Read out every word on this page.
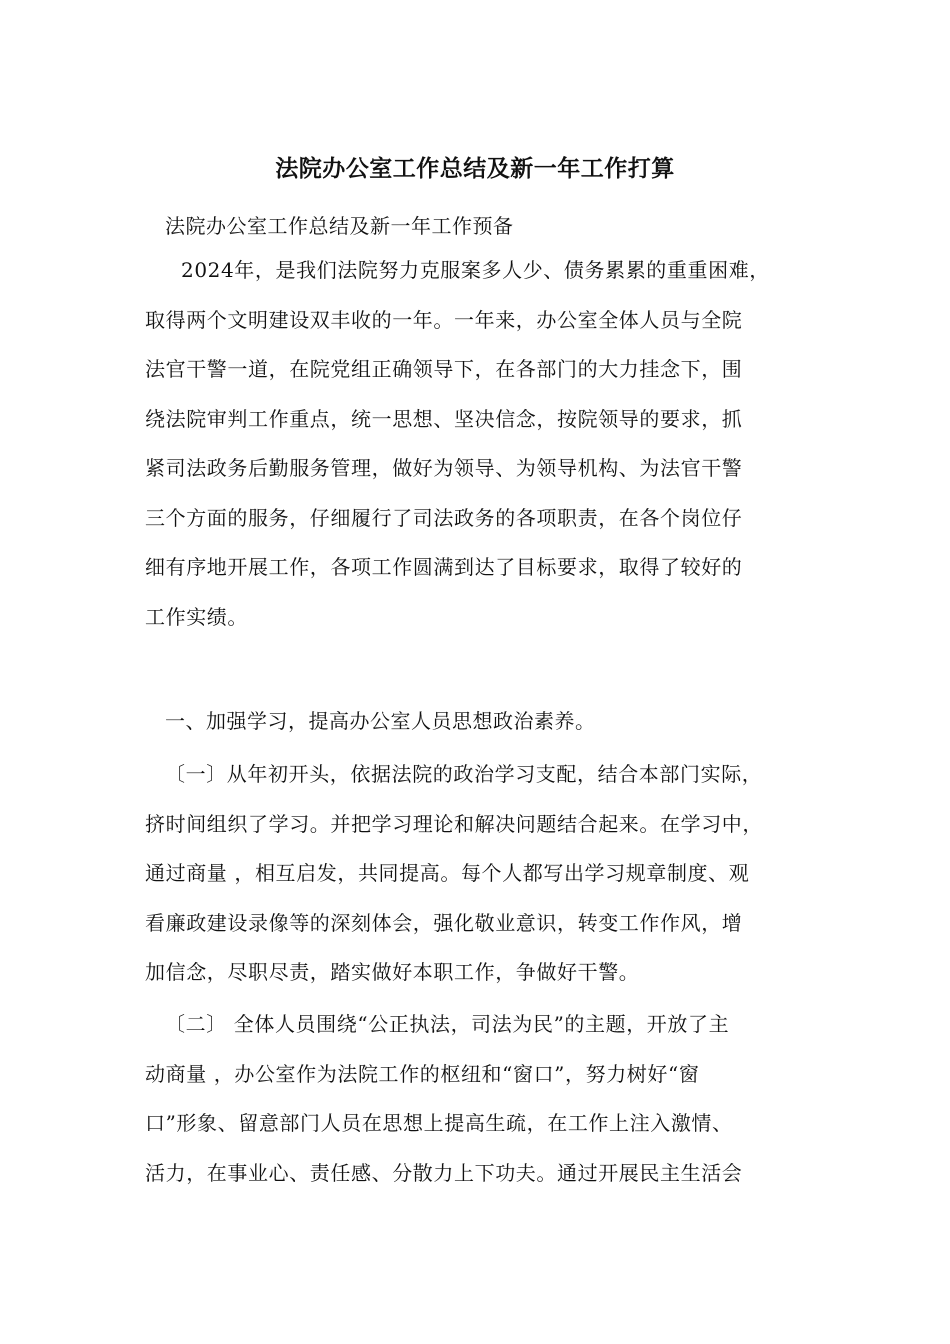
法院办公室工作总结及新一年工作打算
法院办公室工作总结及新一年工作预备
2024年，是我们法院努力克服案多人少、债务累累的重重困难，
取得两个文明建设双丰收的一年。一年来，办公室全体人员与全院
法官干警一道，在院党组正确领导下，在各部门的大力挂念下，围
绕法院审判工作重点，统一思想、坚决信念，按院领导的要求，抓
紧司法政务后勤服务管理，做好为领导、为领导机构、为法官干警
三个方面的服务，仔细履行了司法政务的各项职责，在各个岗位仔
细有序地开展工作，各项工作圆满到达了目标要求，取得了较好的
工作实绩。
一、加强学习，提高办公室人员思想政治素养。
〔一〕从年初开头，依据法院的政治学习支配，结合本部门实际，
挤时间组织了学习。并把学习理论和解决问题结合起来。在学习中，
通过商量 ，相互启发，共同提高。每个人都写出学习规章制度、观
看廉政建设录像等的深刻体会，强化敬业意识，转变工作作风，增
加信念，尽职尽责，踏实做好本职工作，争做好干警。
〔二〕 全体人员围绕“公正执法，司法为民”的主题，开放了主
动商量 ，办公室作为法院工作的枢纽和“窗口”，努力树好“窗
口”形象、留意部门人员在思想上提高生疏，在工作上注入激情、
活力，在事业心、责任感、分散力上下功夫。通过开展民主生活会
